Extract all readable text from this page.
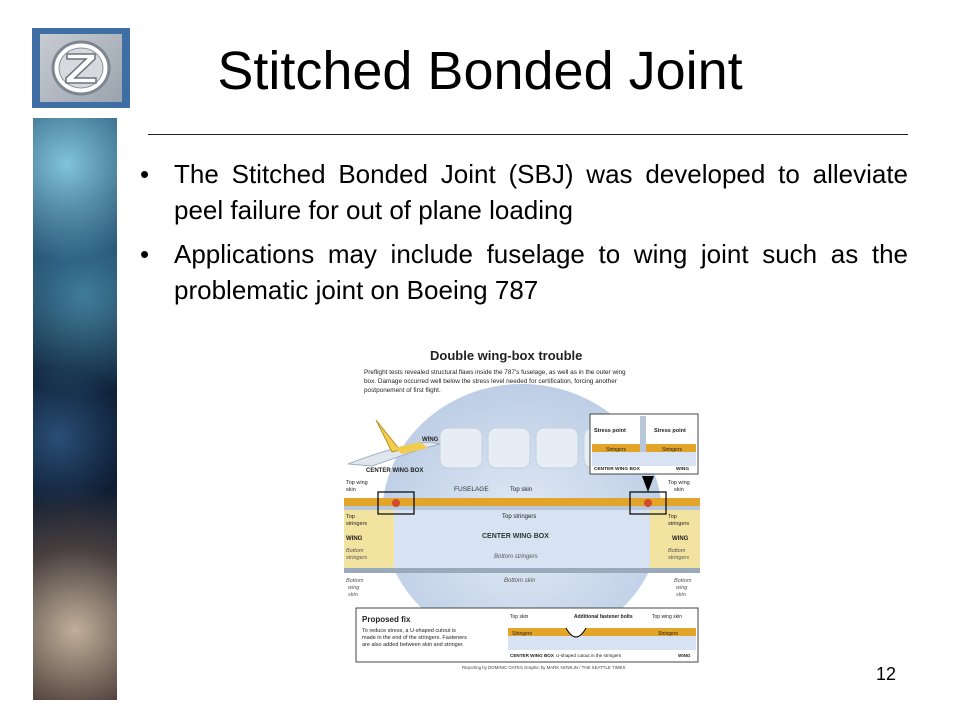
Stitched Bonded Joint
• The Stitched Bonded Joint (SBJ) was developed to alleviate peel failure for out of plane loading
• Applications may include fuselage to wing joint such as the problematic joint on Boeing 787
Double wing-box trouble
Preflight tests revealed structural flaws inside the 787's fuselage, as well as in the outer wing
box. Damage occurred well below the stress level needed for certification, forcing another
postponement of first flight.
WING
CENTER WING BOX
FUSELAGE	Top skin
Top stringers
CENTER WING BOX
Bottom stringers
Bottom skin
Top wing
skin
Top
stringers
WING
Bottom
stringers
Bottom
wing
skin
Top wing
skin
Top
stringers
WING
Bottom
stringers
Bottom
wing
skin
Stress point	Stress point
Stringers	Stringers
CENTER WING BOX	WING
Proposed fix
To reduce stress, a U-shaped cutout is
made in the end of the stringers. Fasteners
are also added between skin and stringer.
Top skin	Additional fastener bolts	Top wing skin
Stringers	Stringers
CENTER WING BOX U-shaped cutout in the stringers	WING
Reporting by DOMINIC GATES Graphic by MARK NOWLIN / THE SEATTLE TIMES	12
